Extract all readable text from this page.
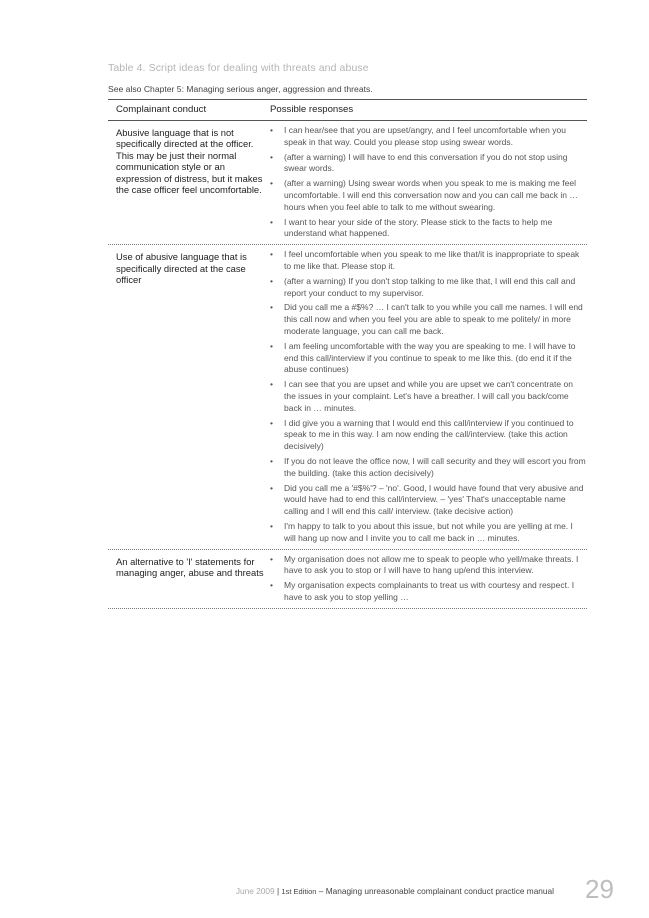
Table 4. Script ideas for dealing with threats and abuse
See also Chapter 5: Managing serious anger, aggression and threats.
Complainant conduct	Possible responses
Abusive language that is not specifically directed at the officer. This may be just their normal communication style or an expression of distress, but it makes the case officer feel uncomfortable.
• I can hear/see that you are upset/angry, and I feel uncomfortable when you speak in that way. Could you please stop using swear words.
• (after a warning) I will have to end this conversation if you do not stop using swear words.
• (after a warning) Using swear words when you speak to me is making me feel uncomfortable. I will end this conversation now and you can call me back in … hours when you feel able to talk to me without swearing.
• I want to hear your side of the story. Please stick to the facts to help me understand what happened.
Use of abusive language that is specifically directed at the case officer
• I feel uncomfortable when you speak to me like that/it is inappropriate to speak to me like that. Please stop it.
• (after a warning) If you don't stop talking to me like that, I will end this call and report your conduct to my supervisor.
• Did you call me a #$%? … I can't talk to you while you call me names. I will end this call now and when you feel you are able to speak to me politely/ in more moderate language, you can call me back.
• I am feeling uncomfortable with the way you are speaking to me. I will have to end this call/interview if you continue to speak to me like this. (do end it if the abuse continues)
• I can see that you are upset and while you are upset we can't concentrate on the issues in your complaint. Let's have a breather. I will call you back/come back in … minutes.
• I did give you a warning that I would end this call/interview if you continued to speak to me in this way. I am now ending the call/interview. (take this action decisively)
• If you do not leave the office now, I will call security and they will escort you from the building. (take this action decisively)
• Did you call me a '#$%'? – 'no'. Good, I would have found that very abusive and would have had to end this call/interview. – 'yes' That's unacceptable name calling and I will end this call/ interview. (take decisive action)
• I'm happy to talk to you about this issue, but not while you are yelling at me. I will hang up now and I invite you to call me back in … minutes.
An alternative to 'I' statements for managing anger, abuse and threats
• My organisation does not allow me to speak to people who yell/make threats. I have to ask you to stop or I will have to hang up/end this interview.
• My organisation expects complainants to treat us with courtesy and respect. I have to ask you to stop yelling …
June 2009 | 1st Edition – Managing unreasonable complainant conduct practice manual 29
